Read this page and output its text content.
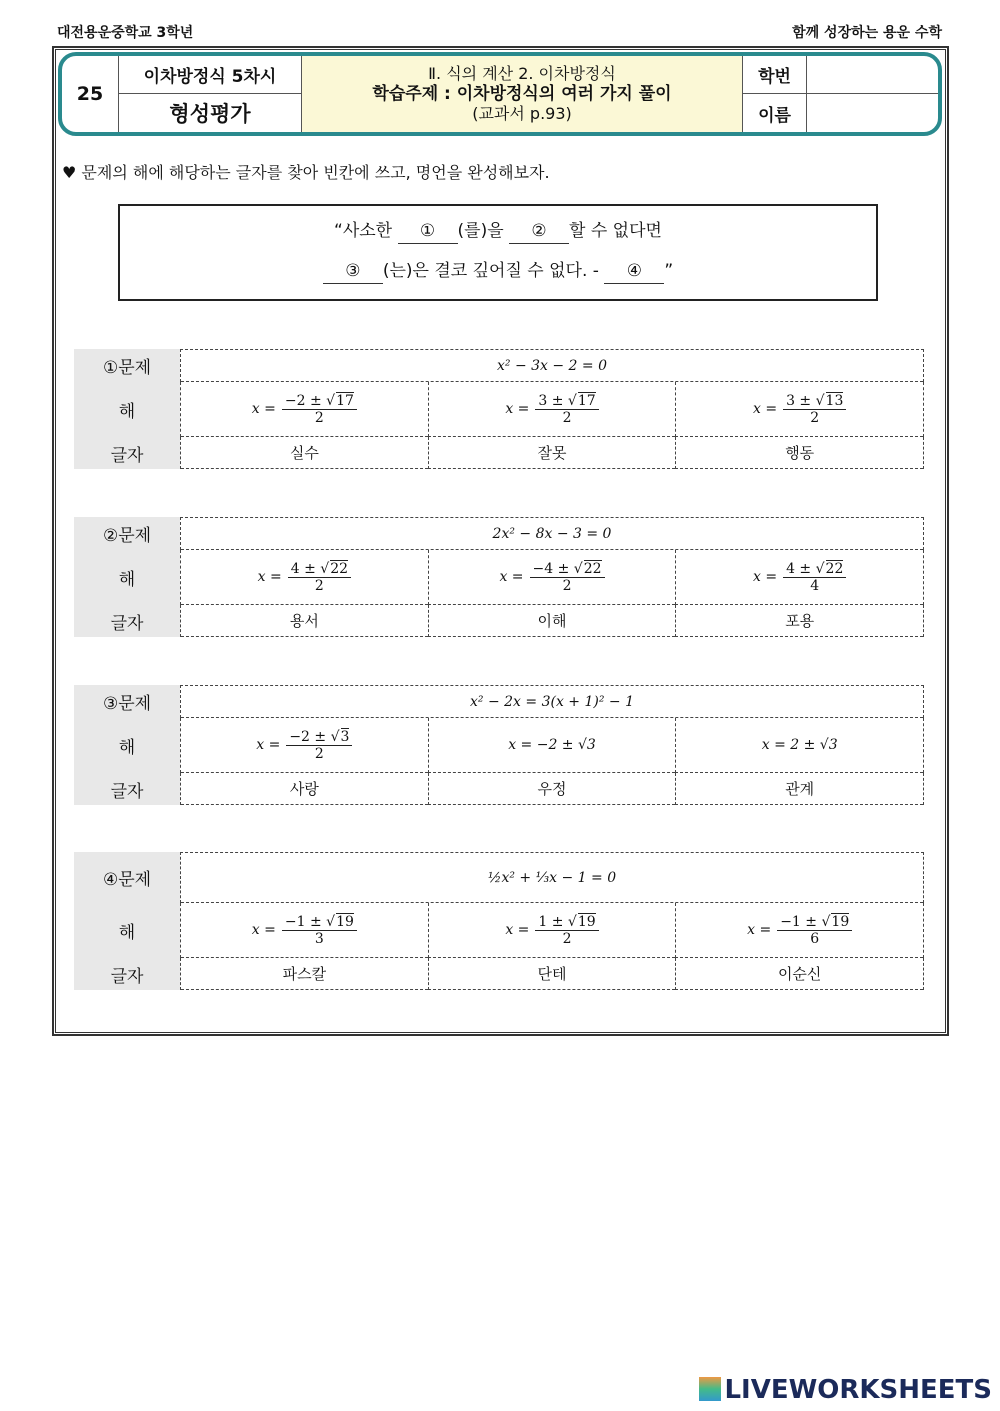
대전용운중학교 3학년	함께 성장하는 용운 수학
25
이차방정식 5차시	Ⅱ. 식의 계산 2. 이차방정식
학습주제 : 이차방정식의 여러 가지 풀이
(교과서 p.93)
학번
형성평가	이름
♥ 문제의 해에 해당하는 글자를 찾아 빈칸에 쓰고, 명언을 완성해보자.
“사소한 ① (를)을 ② 할 수 없다면
③ (는)은 결코 깊어질 수 없다. - ④ ”
①문제	x² − 3x − 2 = 0
해	$x = \frac{-2 \pm √17}{2}$	$x = \frac{3 \pm √17}{2}$	$x = \frac{3 \pm √13}{2}$
글자	실수	잘못	행동
②문제	2x² − 8x − 3 = 0
해	$x = \frac{4 \pm √22}{2}$	$x = \frac{-4 \pm √22}{2}$	$x = \frac{4 \pm √22}{4}$
글자	용서	이해	포용
③문제	x² − 2x = 3(x + 1)² − 1
해	$x = \frac{-2 \pm √3}{2}$	x = −2 ± √3	x = 2 ± √3
글자	사랑	우정	관계
④문제	½x² + ⅓x − 1 = 0
해	$x = \frac{-1 \pm √19}{3}$	$x = \frac{1 \pm √19}{2}$	$x = \frac{-1 \pm √19}{6}$
글자	파스칼	단테	이순신
LIVEWORKSHEETS
